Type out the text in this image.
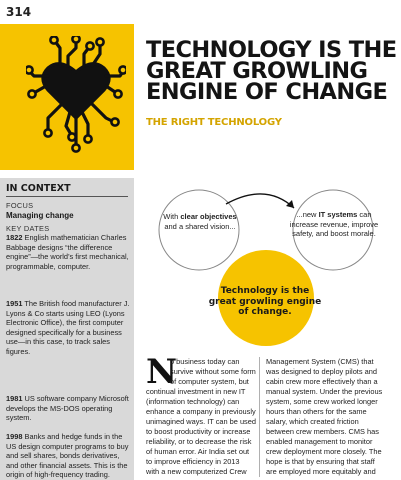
314
TECHNOLOGY IS THE
GREAT GROWLING
ENGINE OF CHANGE
THE RIGHT TECHNOLOGY
IN CONTEXT
FOCUS
Managing change
KEY DATES
1822 English mathematician Charles Babbage designs “the difference engine”—the world’s first mechanical, programmable, computer.
1951 The British food manufacturer J. Lyons & Co starts using LEO (Lyons Electronic Office), the first computer designed specifically for a business use—in this case, to track sales figures.
1981 US software company Microsoft develops the MS-DOS operating system.
1998 Banks and hedge funds in the US design computer programs to buy and sell shares, bonds derivatives, and other financial assets. This is the origin of high-frequency trading.
With clear objectives
and a shared vision...
...new IT systems can increase revenue, improve safety, and boost morale.
Technology is the
great growling engine
of change.
N
o business today can
survive without some form
of computer system, but
continual investment in new IT
(information technology) can
enhance a company in previously
unimagined ways. IT can be used
to boost productivity or increase
reliability, or to decrease the risk
of human error. Air India set out
to improve efficiency in 2013
with a new computerized Crew
Management System (CMS) that
was designed to deploy pilots and
cabin crew more effectively than a
manual system. Under the previous
system, some crew worked longer
hours than others for the same
salary, which created friction
between crew members. CMS has
enabled management to monitor
crew deployment more closely. The
hope is that by ensuring that staff
are employed more equitably and
